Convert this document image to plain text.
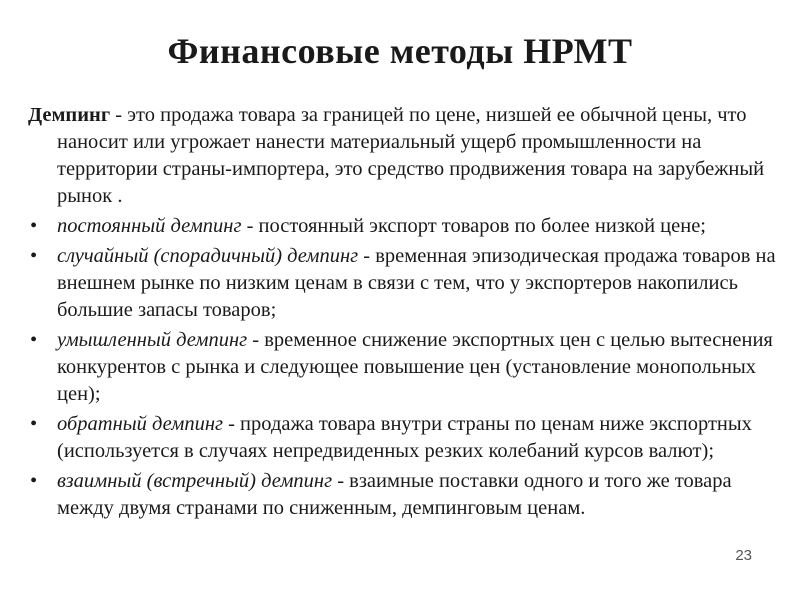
Финансовые методы НРМТ

Демпинг - это продажа товара за границей по цене, низшей ее обычной цены, что наносит или угрожает нанести материальный ущерб промышленности на территории страны-импортера, это средство продвижения товара на зарубежный рынок .

• постоянный демпинг - постоянный экспорт товаров по более низкой цене;
• случайный (спорадичный) демпинг - временная эпизодическая продажа товаров на внешнем рынке по низким ценам в связи с тем, что у экспортеров накопились большие запасы товаров;
• умышленный демпинг - временное снижение экспортных цен с целью вытеснения конкурентов с рынка и следующее повышение цен (установление монопольных цен);
• обратный демпинг - продажа товара внутри страны по ценам ниже экспортных (используется в случаях непредвиденных резких колебаний курсов валют);
• взаимный (встречный) демпинг - взаимные поставки одного и того же товара между двумя странами по сниженным, демпинговым ценам.
23
